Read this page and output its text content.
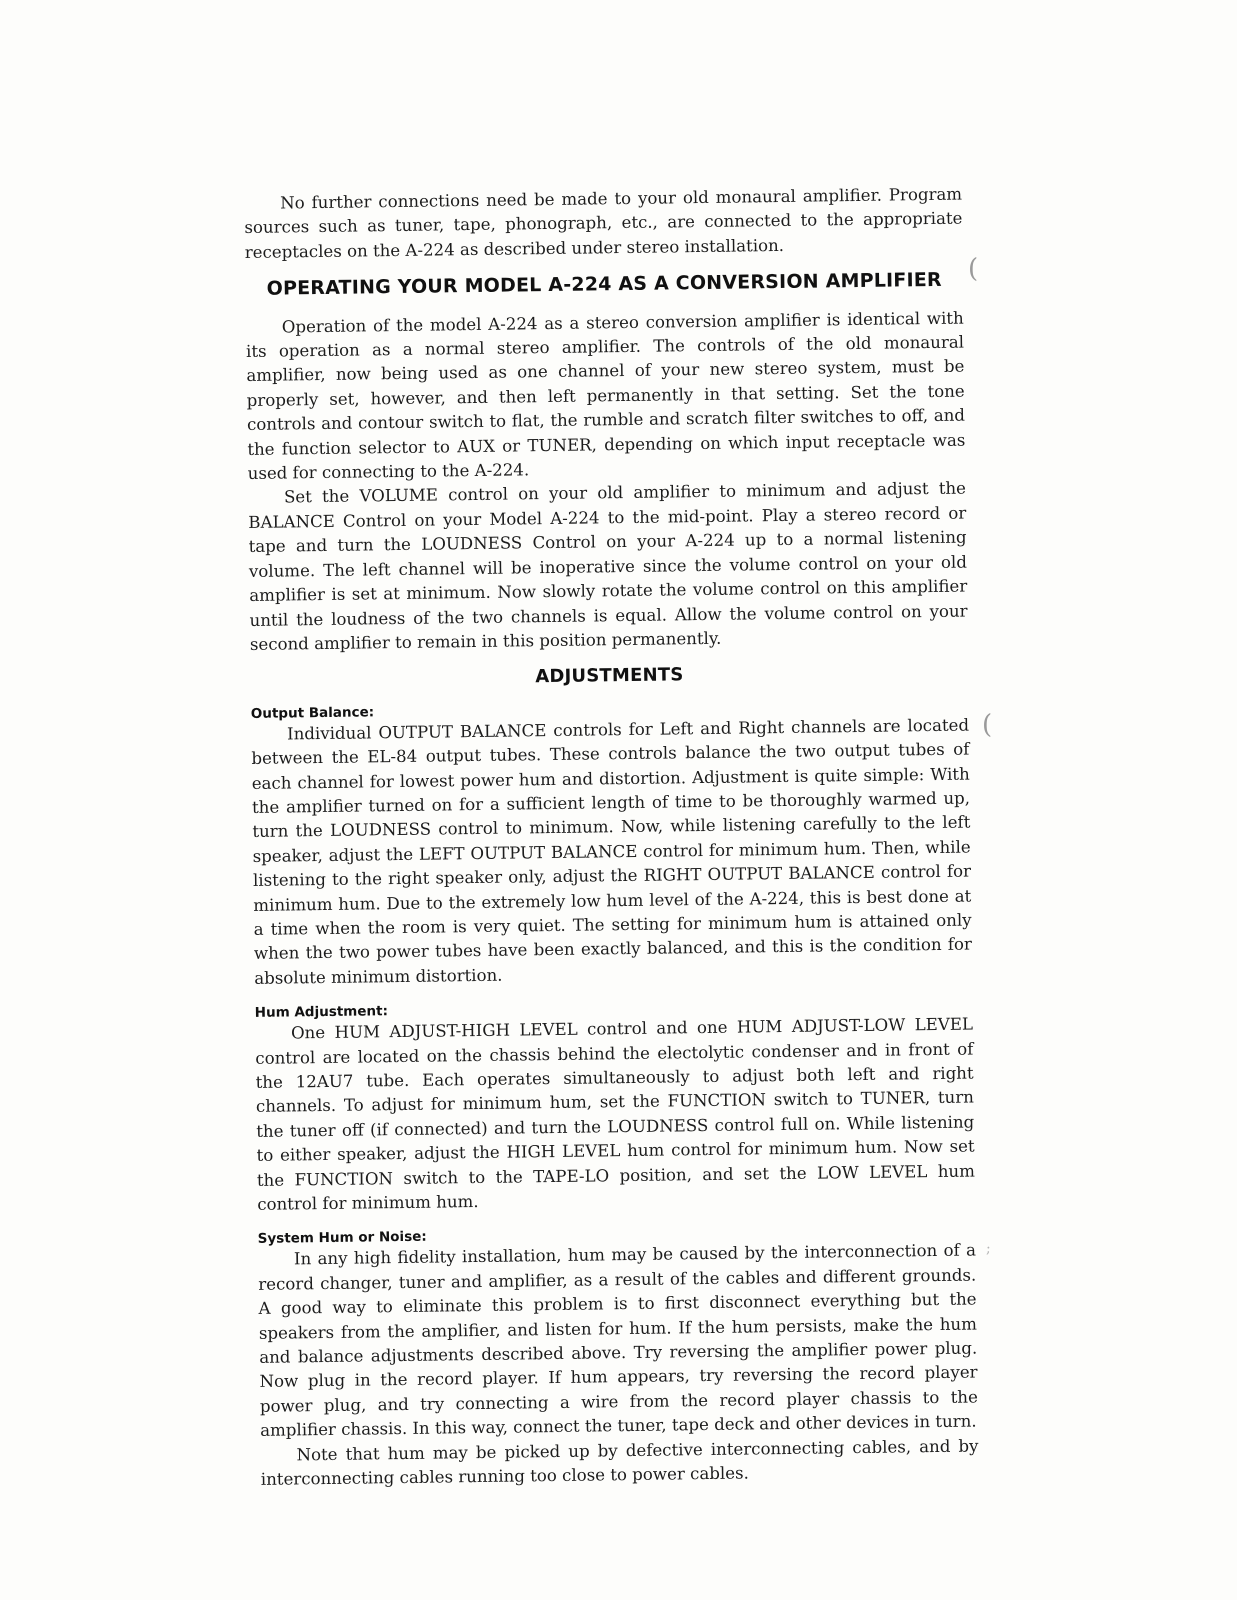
No further connections need be made to your old monaural amplifier. Program sources such as tuner, tape, phonograph, etc., are connected to the appropriate receptacles on the A-224 as described under stereo installation.

OPERATING YOUR MODEL A-224 AS A CONVERSION AMPLIFIER

Operation of the model A-224 as a stereo conversion amplifier is identical with its operation as a normal stereo amplifier. The controls of the old monaural amplifier, now being used as one channel of your new stereo system, must be properly set, however, and then left permanently in that setting. Set the tone controls and contour switch to flat, the rumble and scratch filter switches to off, and the function selector to AUX or TUNER, depending on which input receptacle was used for connecting to the A-224.

Set the VOLUME control on your old amplifier to minimum and adjust the BALANCE Control on your Model A-224 to the mid-point. Play a stereo record or tape and turn the LOUDNESS Control on your A-224 up to a normal listening volume. The left channel will be inoperative since the volume control on your old amplifier is set at minimum. Now slowly rotate the volume control on this amplifier until the loudness of the two channels is equal. Allow the volume control on your second amplifier to remain in this position permanently.

ADJUSTMENTS
Output Balance:

Individual OUTPUT BALANCE controls for Left and Right channels are located between the EL-84 output tubes. These controls balance the two output tubes of each channel for lowest power hum and distortion. Adjustment is quite simple: With the amplifier turned on for a sufficient length of time to be thoroughly warmed up, turn the LOUDNESS control to minimum. Now, while listening carefully to the left speaker, adjust the LEFT OUTPUT BALANCE control for minimum hum. Then, while listening to the right speaker only, adjust the RIGHT OUTPUT BALANCE control for minimum hum. Due to the extremely low hum level of the A-224, this is best done at a time when the room is very quiet. The setting for minimum hum is attained only when the two power tubes have been exactly balanced, and this is the condition for absolute minimum distortion.

Hum Adjustment:

One HUM ADJUST-HIGH LEVEL control and one HUM ADJUST-LOW LEVEL control are located on the chassis behind the electolytic condenser and in front of the 12AU7 tube. Each operates simultaneously to adjust both left and right channels. To adjust for minimum hum, set the FUNCTION switch to TUNER, turn the tuner off (if connected) and turn the LOUDNESS control full on. While listening to either speaker, adjust the HIGH LEVEL hum control for minimum hum. Now set the FUNCTION switch to the TAPE-LO position, and set the LOW LEVEL hum control for minimum hum.

System Hum or Noise:

In any high fidelity installation, hum may be caused by the interconnection of a record changer, tuner and amplifier, as a result of the cables and different grounds. A good way to eliminate this problem is to first disconnect everything but the speakers from the amplifier, and listen for hum. If the hum persists, make the hum and balance adjustments described above. Try reversing the amplifier power plug. Now plug in the record player. If hum appears, try reversing the record player power plug, and try connecting a wire from the record player chassis to the amplifier chassis. In this way, connect the tuner, tape deck and other devices in turn.

Note that hum may be picked up by defective interconnecting cables, and by interconnecting cables running too close to power cables.

(
(
;
